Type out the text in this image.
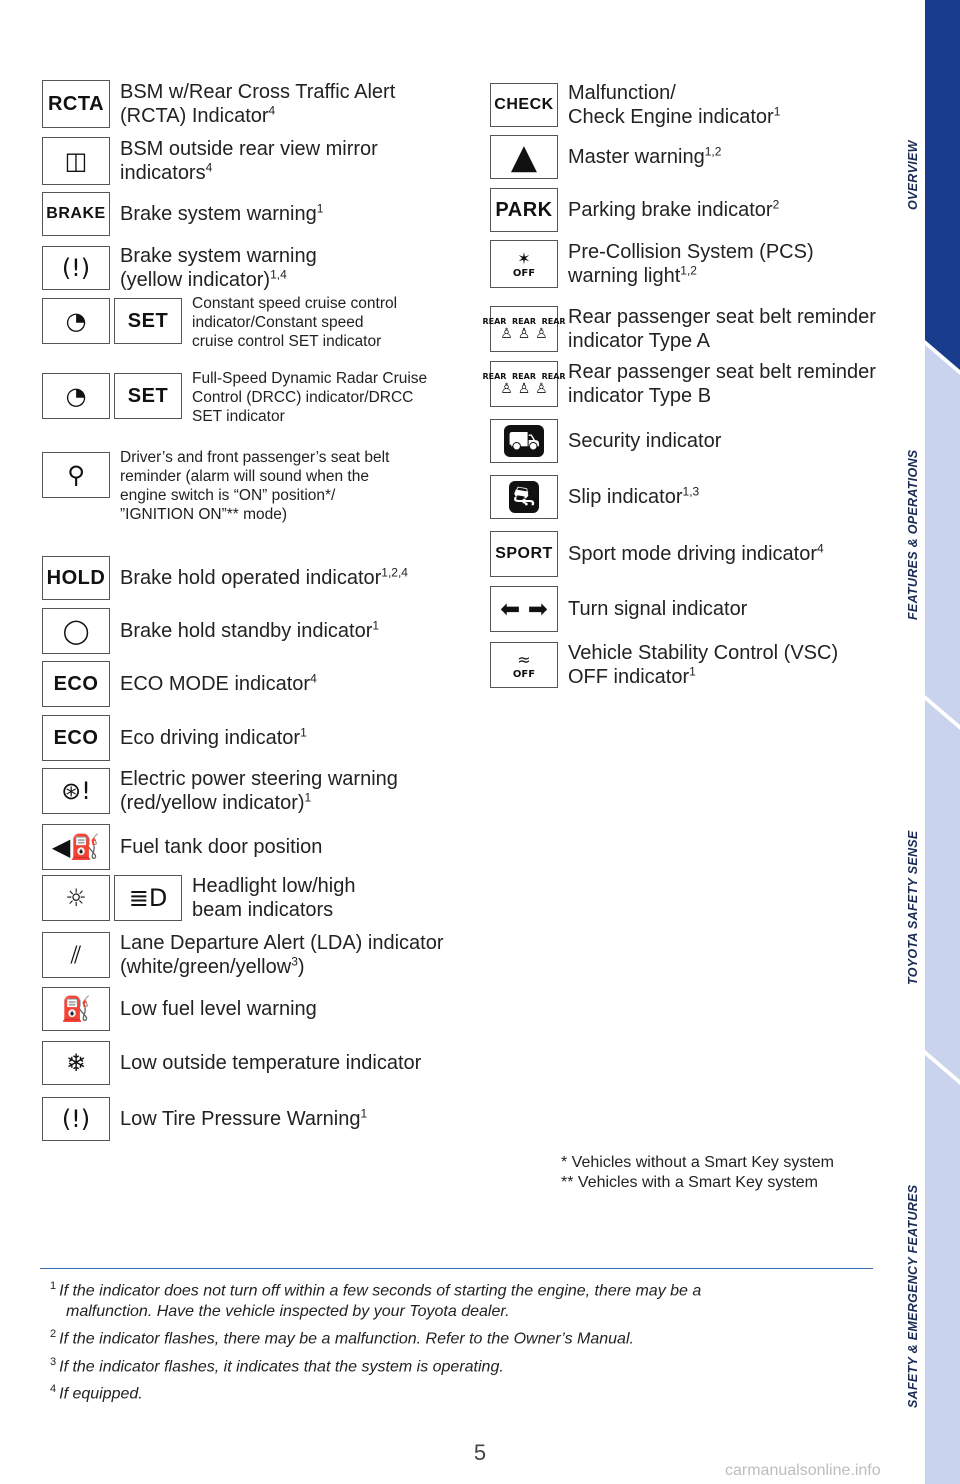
RCTA
BSM w/Rear Cross Traffic Alert
(RCTA) Indicator$^4$
◫ BSM outside rear view mirror
indicators$^4$
BRAKE Brake system warning$^1$
(!) Brake system warning
(yellow indicator)$^{1,4}$
◔ SET
Constant speed cruise control
indicator/Constant speed
cruise control SET indicator
◔ SET
Full-Speed Dynamic Radar Cruise
Control (DRCC) indicator/DRCC
SET indicator
⚲
Driver’s and front passenger’s seat belt
reminder (alarm will sound when the
engine switch is “ON” position*/
”IGNITION ON”** mode)
HOLD Brake hold operated indicator$^{1,2,4}$
◯ Brake hold standby indicator$^1$
ECO ECO MODE indicator$^4$
ECO Eco driving indicator$^1$
⊛! Electric power steering warning
(red/yellow indicator)$^1$
◀⛽ Fuel tank door position
☼ ≣D Headlight low/high
beam indicators
⫽ Lane Departure Alert (LDA) indicator
(white/green/yellow$^3$)
⛽ Low fuel level warning
❄ Low outside temperature indicator
(!) Low Tire Pressure Warning$^1$
CHECK
Malfunction/
Check Engine indicator$^1$
▲ Master warning$^{1,2}$
PARK Parking brake indicator$^2$
✶
OFF
Pre-Collision System (PCS)
warning light$^{1,2}$
REAR  REAR  REAR
♙ ♙ ♙
Rear passenger seat belt reminder
indicator Type A
REAR  REAR  REAR
♙ ♙ ♙
Rear passenger seat belt reminder
indicator Type B
⛟ Security indicator
⛐ Slip indicator$^{1,3}$
SPORT Sport mode driving indicator$^4$
⬅ ➡ Turn signal indicator
≈
OFF
Vehicle Stability Control (VSC)
OFF indicator$^1$
* Vehicles without a Smart Key system
** Vehicles with a Smart Key system

$^1$ If the indicator does not turn off within a few seconds of starting the engine, there may be a
malfunction. Have the vehicle inspected by your Toyota dealer.

$^2$ If the indicator flashes, there may be a malfunction. Refer to the Owner’s Manual.

$^3$ If the indicator flashes, it indicates that the system is operating.

$^4$ If equipped.

5
carmanualsonline.info
OVERVIEW
FEATURES & OPERATIONS
TOYOTA SAFETY SENSE
SAFETY & EMERGENCY FEATURES
